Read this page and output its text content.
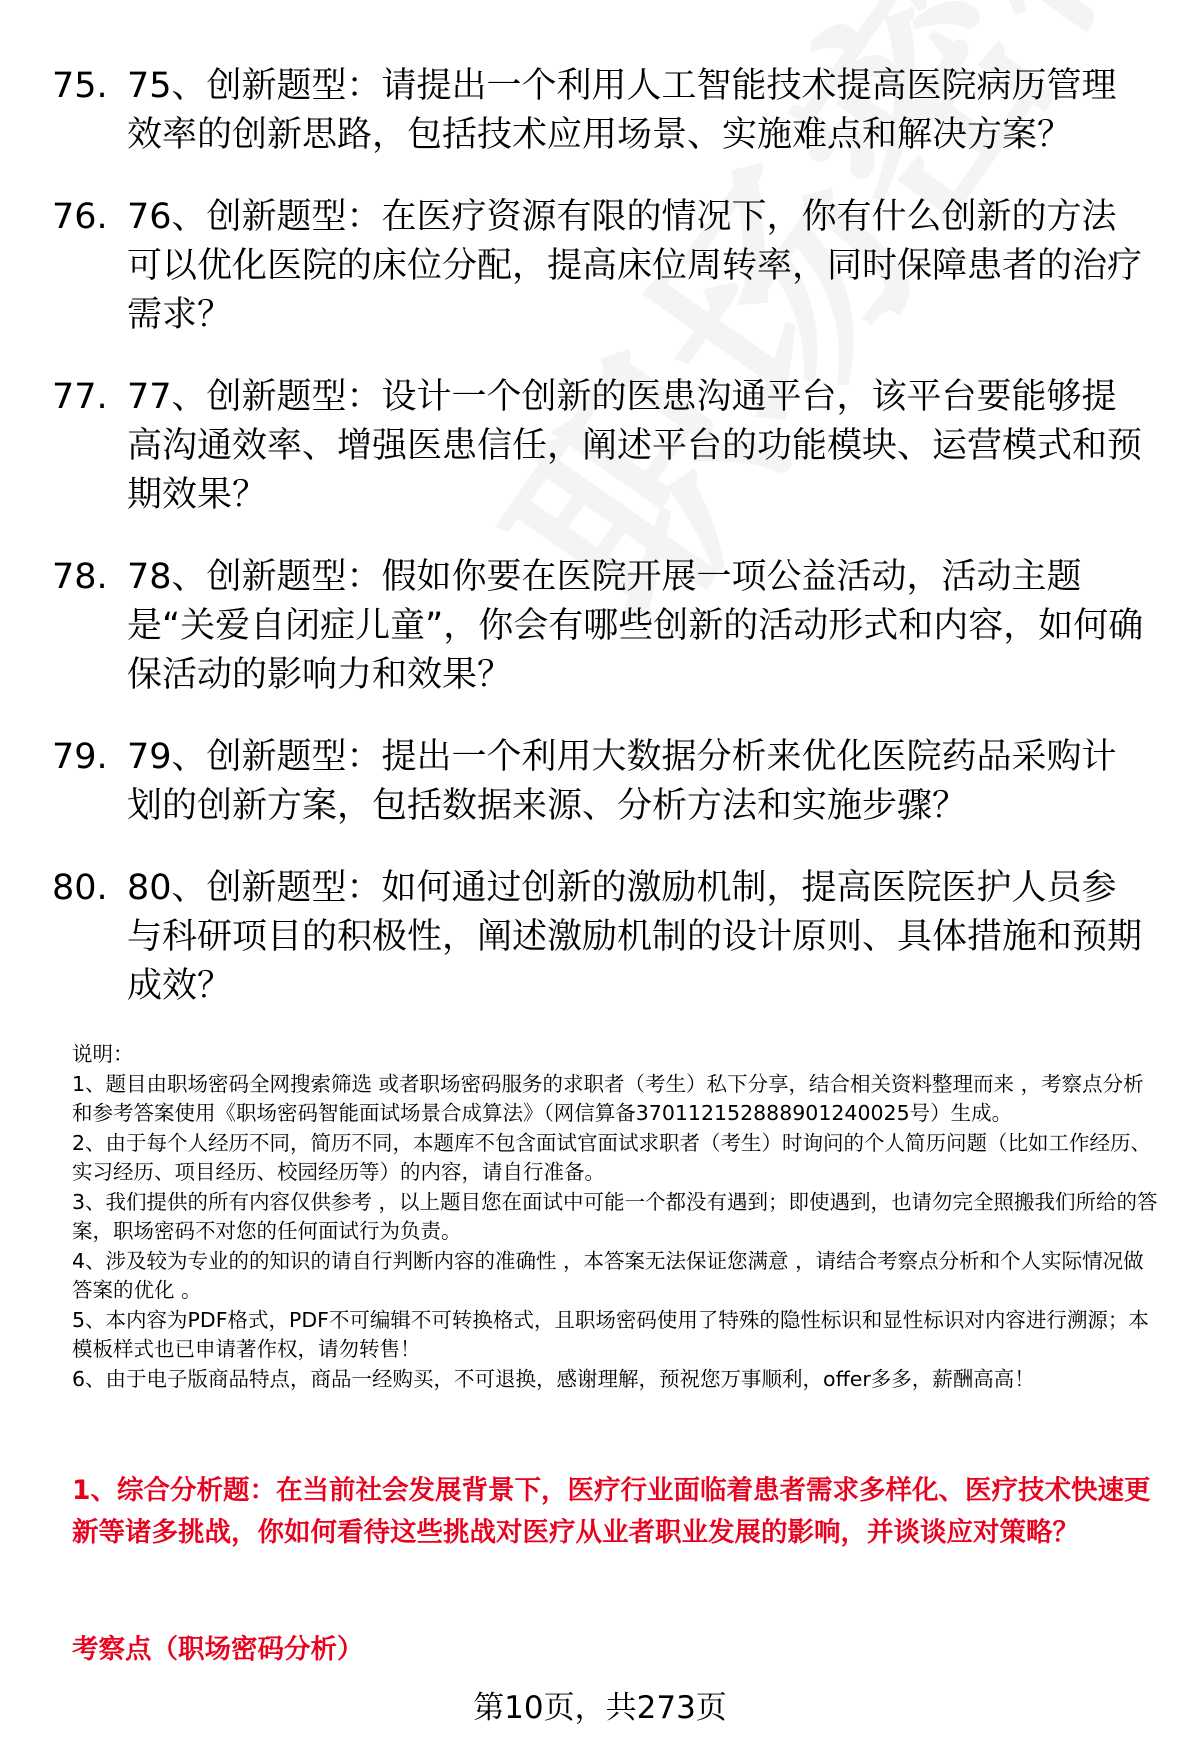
75. 75、创新题型：请提出一个利用人工智能技术提高医院病历管理效率的创新思路，包括技术应用场景、实施难点和解决方案？
76. 76、创新题型：在医疗资源有限的情况下，你有什么创新的方法可以优化医院的床位分配，提高床位周转率，同时保障患者的治疗需求？
77. 77、创新题型：设计一个创新的医患沟通平台，该平台要能够提高沟通效率、增强医患信任，阐述平台的功能模块、运营模式和预期效果？
78. 78、创新题型：假如你要在医院开展一项公益活动，活动主题是“关爱自闭症儿童”，你会有哪些创新的活动形式和内容，如何确保活动的影响力和效果？
79. 79、创新题型：提出一个利用大数据分析来优化医院药品采购计划的创新方案，包括数据来源、分析方法和实施步骤？
80. 80、创新题型：如何通过创新的激励机制，提高医院医护人员参与科研项目的积极性，阐述激励机制的设计原则、具体措施和预期成效？

说明：

1、题目由职场密码全网搜索筛选 或者职场密码服务的求职者（考生）私下分享，结合相关资料整理而来 ，考察点分析和参考答案使用《职场密码智能面试场景合成算法》（网信算备370112152888901240025号）生成。

2、由于每个人经历不同，简历不同，本题库不包含面试官面试求职者（考生）时询问的个人简历问题（比如工作经历、实习经历、项目经历、校园经历等）的内容，请自行准备。

3、我们提供的所有内容仅供参考 ，以上题目您在面试中可能一个都没有遇到；即使遇到，也请勿完全照搬我们所给的答案，职场密码不对您的任何面试行为负责。

4、涉及较为专业的的知识的请自行判断内容的准确性 ，本答案无法保证您满意 ，请结合考察点分析和个人实际情况做答案的优化 。

5、本内容为PDF格式，PDF不可编辑不可转换格式，且职场密码使用了特殊的隐性标识和显性标识对内容进行溯源；本模板样式也已申请著作权，请勿转售！

6、由于电子版商品特点，商品一经购买，不可退换，感谢理解，预祝您万事顺利，offer多多，薪酬高高！

1、综合分析题：在当前社会发展背景下，医疗行业面临着患者需求多样化、医疗技术快速更新等诸多挑战，你如何看待这些挑战对医疗从业者职业发展的影响，并谈谈应对策略？
考察点（职场密码分析）
第10页，共273页
